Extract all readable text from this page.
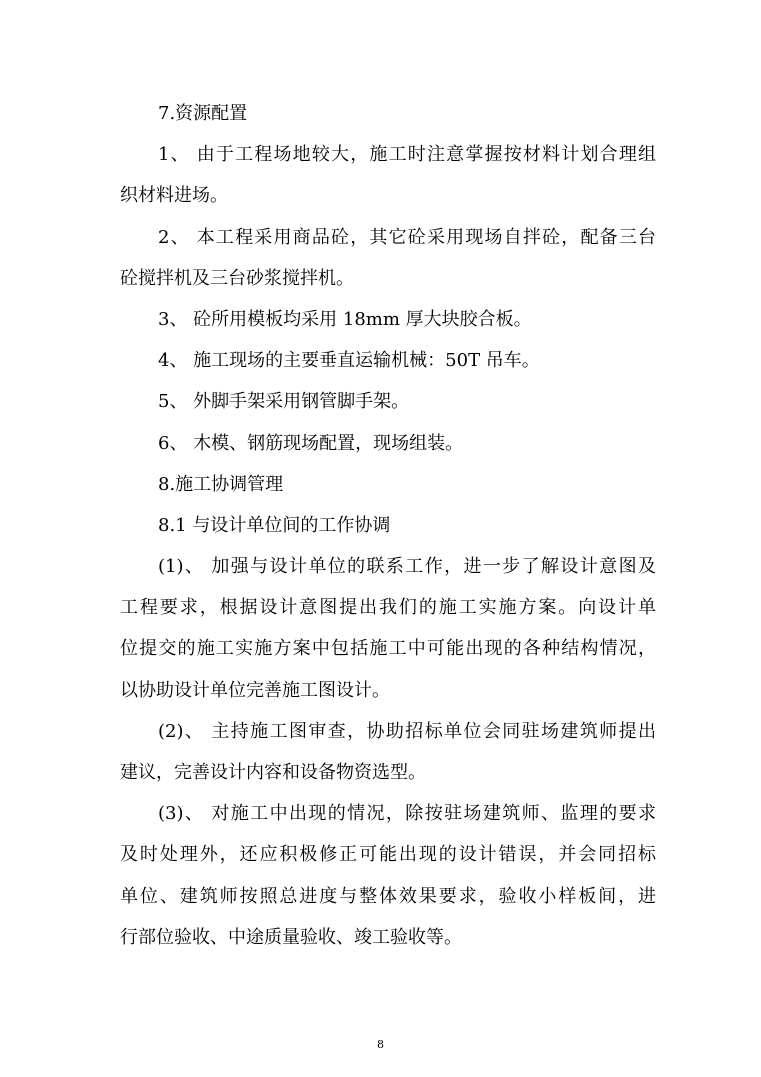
7.资源配置
1、 由于工程场地较大，施工时注意掌握按材料计划合理组
织材料进场。
2、 本工程采用商品砼，其它砼采用现场自拌砼，配备三台
砼搅拌机及三台砂浆搅拌机。
3、 砼所用模板均采用 18mm 厚大块胶合板。
4、 施工现场的主要垂直运输机械：50T 吊车。
5、 外脚手架采用钢管脚手架。
6、 木模、钢筋现场配置，现场组装。
8.施工协调管理
8.1 与设计单位间的工作协调
(1)、 加强与设计单位的联系工作，进一步了解设计意图及
工程要求，根据设计意图提出我们的施工实施方案。向设计单
位提交的施工实施方案中包括施工中可能出现的各种结构情况，
以协助设计单位完善施工图设计。
(2)、 主持施工图审查，协助招标单位会同驻场建筑师提出
建议，完善设计内容和设备物资选型。
(3)、 对施工中出现的情况，除按驻场建筑师、监理的要求
及时处理外，还应积极修正可能出现的设计错误，并会同招标
单位、建筑师按照总进度与整体效果要求，验收小样板间，进
行部位验收、中途质量验收、竣工验收等。
8
